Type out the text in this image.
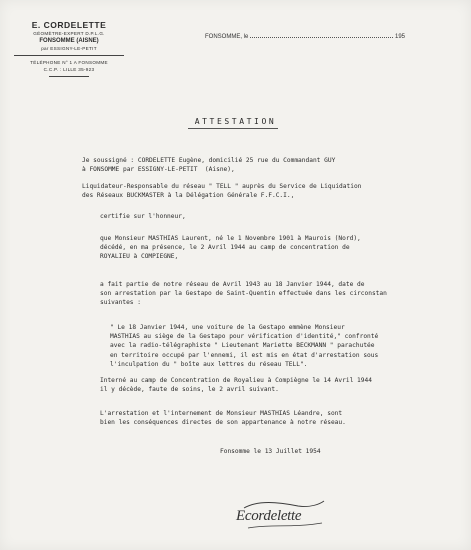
E. CORDELETTE
GÉOMÈTRE-EXPERT D.P.L.G.
FONSOMME (AISNE)
par ESSIGNY-LE-PETIT
TÉLÉPHONE N° 1 A FONSOMME
C.C.P. : LILLE 35-923
FONSOMME, le	195
ATTESTATION

Je soussigné : CORDELETTE Eugène, domicilié 25 rue du Commandant GUY
à FONSOMME par ESSIGNY-LE-PETIT  (Aisne),

Liquidateur-Responsable du réseau " TELL " auprès du Service de Liquidation
des Réseaux BUCKMASTER à la Délégation Générale F.F.C.I.,

certifie sur l'honneur,

que Monsieur MASTHIAS Laurent, né le 1 Novembre 1901 à Maurois (Nord),
décédé, en ma présence, le 2 Avril 1944 au camp de concentration de
ROYALIEU à COMPIEGNE,

a fait partie de notre réseau de Avril 1943 au 18 Janvier 1944, date de
son arrestation par la Gestapo de Saint-Quentin effectuée dans les circonstan
suivantes :

" Le 18 Janvier 1944, une voiture de la Gestapo emmène Monsieur
MASTHIAS au siège de la Gestapo pour vérification d'identité," confronté
avec la radio-télégraphiste " Lieutenant Mariette BECKMANN " parachutée
en territoire occupé par l'ennemi, il est mis en état d'arrestation sous
l'inculpation du " boîte aux lettres du réseau TELL".

Interné au camp de Concentration de Royalieu à Compiègne le 14 Avril 1944
il y décède, faute de soins, le 2 avril suivant.

L'arrestation et l'internement de Monsieur MASTHIAS Léandre, sont
bien les conséquences directes de son appartenance à notre réseau.

Fonsomme le 13 Juillet 1954

Ecordelette
